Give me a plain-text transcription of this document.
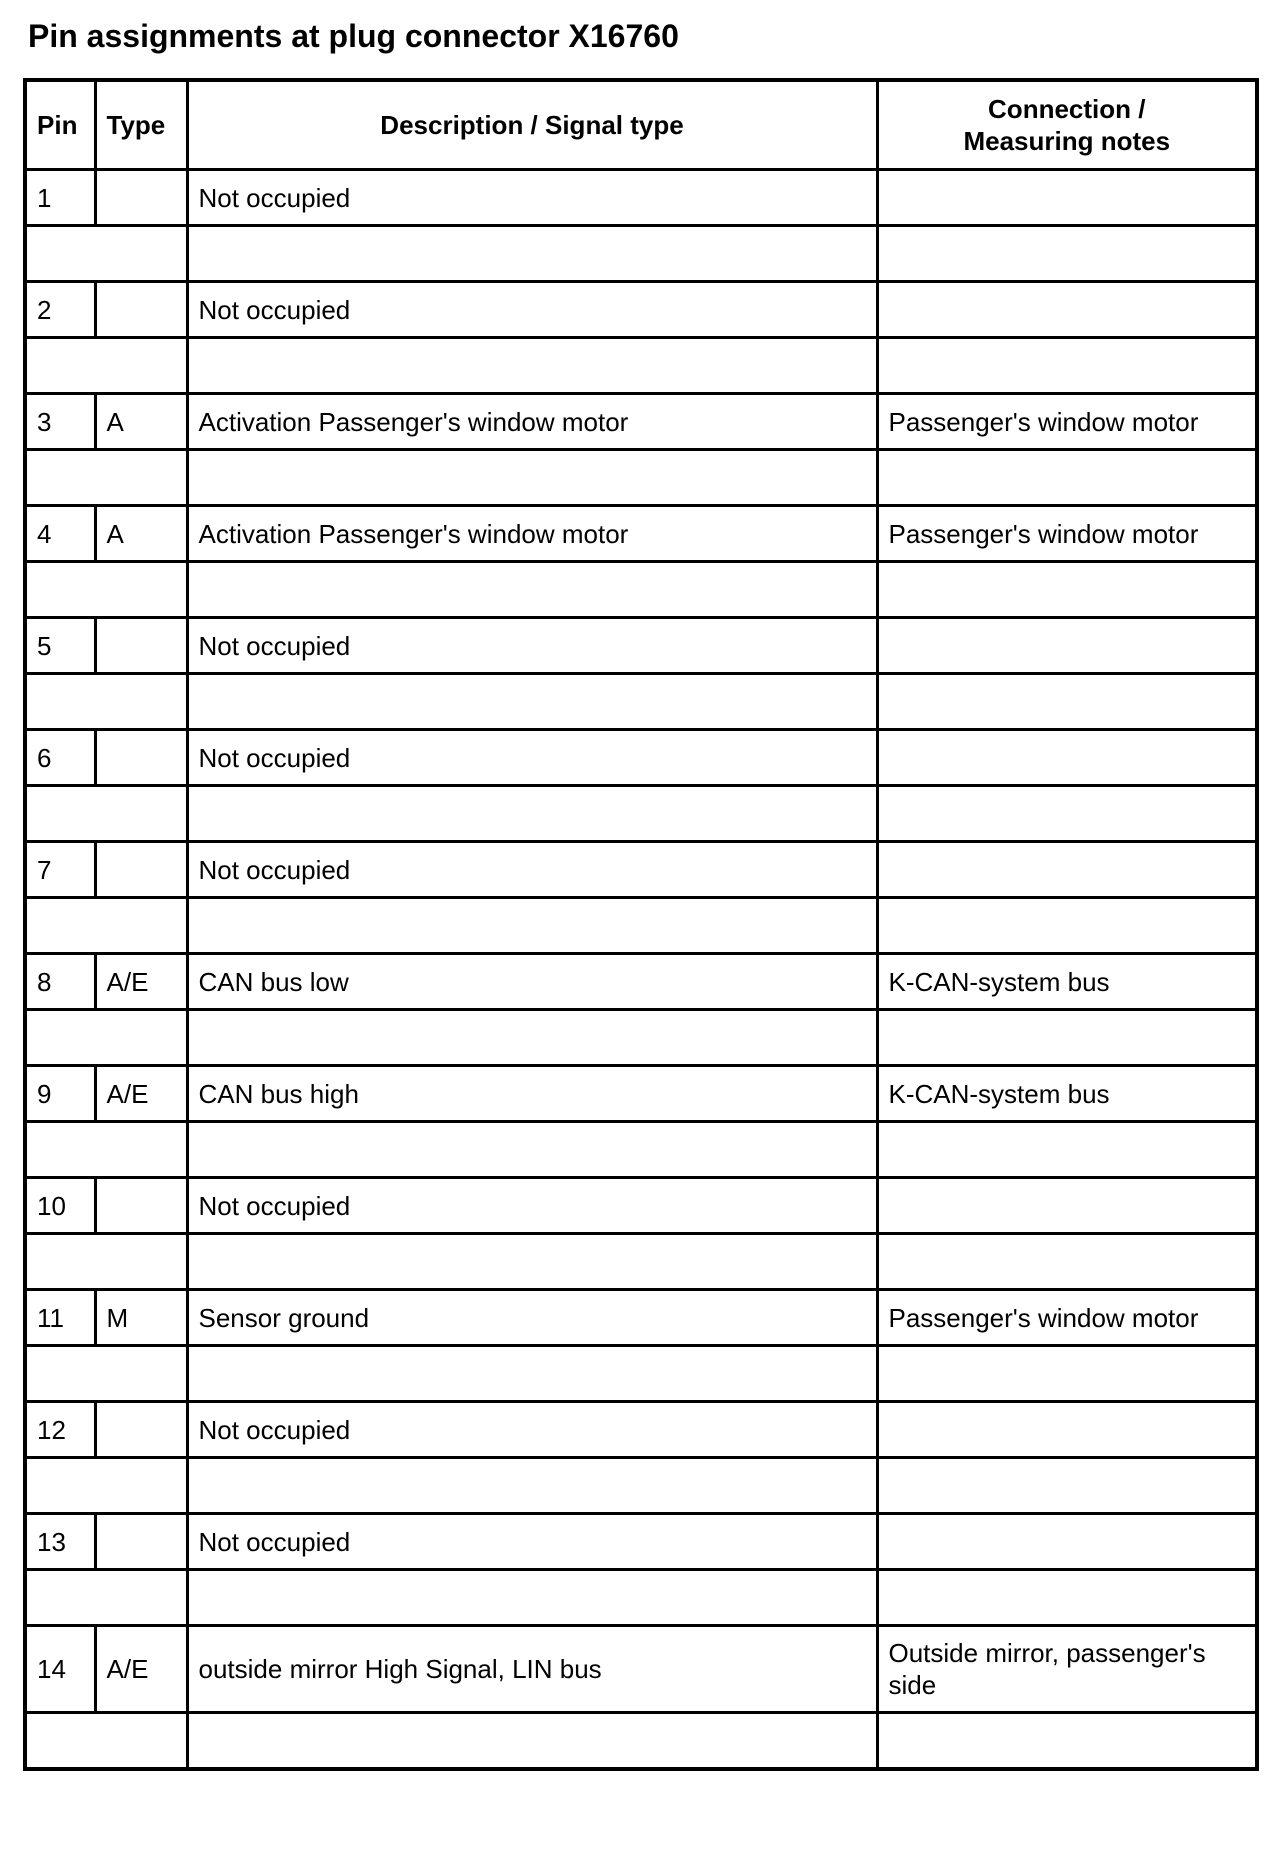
Pin assignments at plug connector X16760
Pin	Type	Description / Signal type	Connection /
Measuring notes
1		Not occupied	

2		Not occupied	

3	A	Activation Passenger's window motor	Passenger's window motor

4	A	Activation Passenger's window motor	Passenger's window motor

5		Not occupied	

6		Not occupied	

7		Not occupied	

8	A/E	CAN bus low	K-CAN-system bus

9	A/E	CAN bus high	K-CAN-system bus

10		Not occupied	

11	M	Sensor ground	Passenger's window motor

12		Not occupied	

13		Not occupied	

14	A/E	outside mirror High Signal, LIN bus	Outside mirror, passenger's side
